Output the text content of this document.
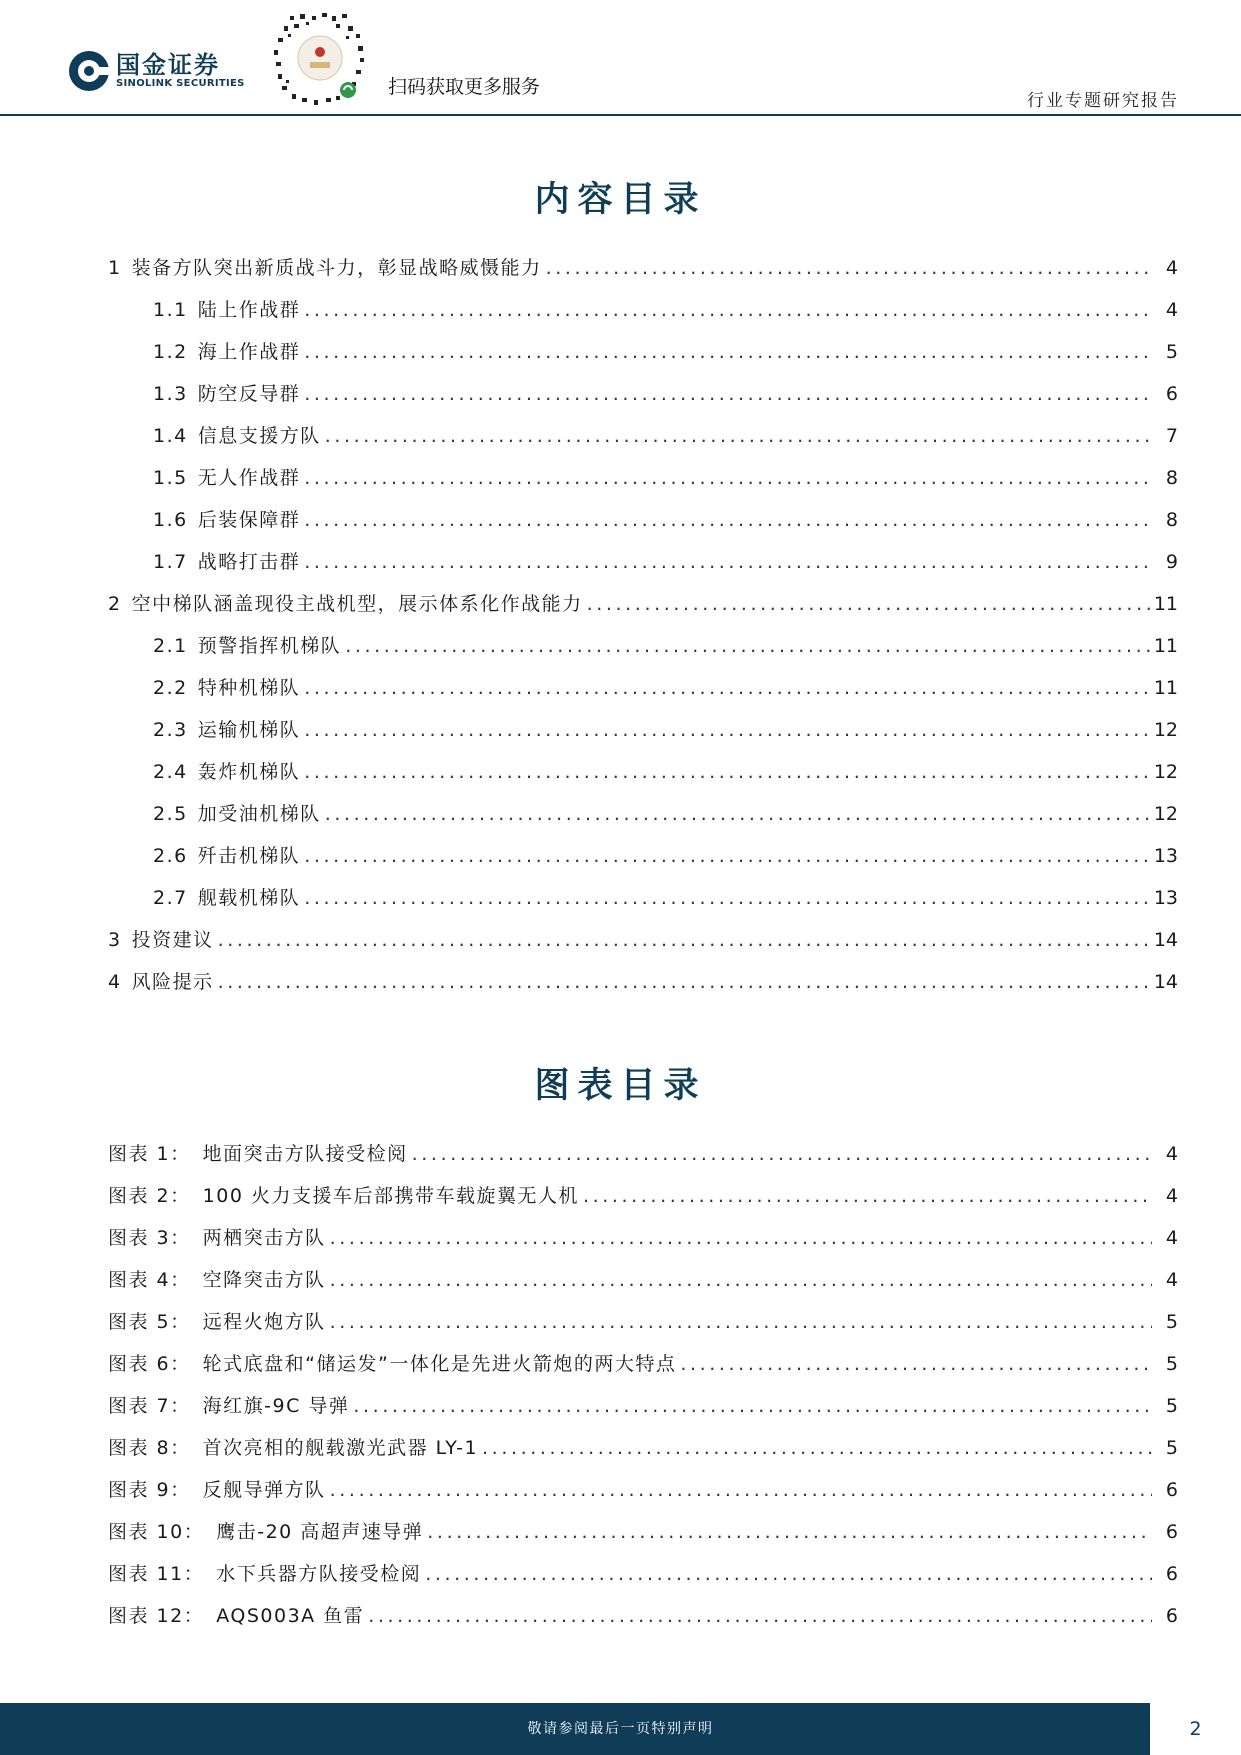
国金证券
SINOLINK SECURITIES	扫码获取更多服务
行业专题研究报告
内容目录
1 装备方队突出新质战斗力，彰显战略威慑能力 .....	4
1.1 陆上作战群 .....	4
1.2 海上作战群 .....	5
1.3 防空反导群 .....	6
1.4 信息支援方队 .....	7
1.5 无人作战群 .....	8
1.6 后装保障群 .....	8
1.7 战略打击群 .....	9
2 空中梯队涵盖现役主战机型，展示体系化作战能力 .....	11
2.1 预警指挥机梯队 .....	11
2.2 特种机梯队 .....	11
2.3 运输机梯队 .....	12
2.4 轰炸机梯队 .....	12
2.5 加受油机梯队 .....	12
2.6 歼击机梯队 .....	13
2.7 舰载机梯队 .....	13
3 投资建议 .....	14
4 风险提示 .....	14
图表目录
图表 1： 地面突击方队接受检阅 .....	4
图表 2： 100 火力支援车后部携带车载旋翼无人机 .....	4
图表 3： 两栖突击方队 .....	4
图表 4： 空降突击方队 .....	4
图表 5： 远程火炮方队 .....	5
图表 6： 轮式底盘和“储运发”一体化是先进火箭炮的两大特点 .....	5
图表 7： 海红旗-9C 导弹 .....	5
图表 8： 首次亮相的舰载激光武器 LY-1 .....	5
图表 9： 反舰导弹方队 .....	6
图表 10： 鹰击-20 高超声速导弹 .....	6
图表 11： 水下兵器方队接受检阅 .....	6
图表 12： AQS003A 鱼雷 .....	6
敬请参阅最后一页特别声明	2
